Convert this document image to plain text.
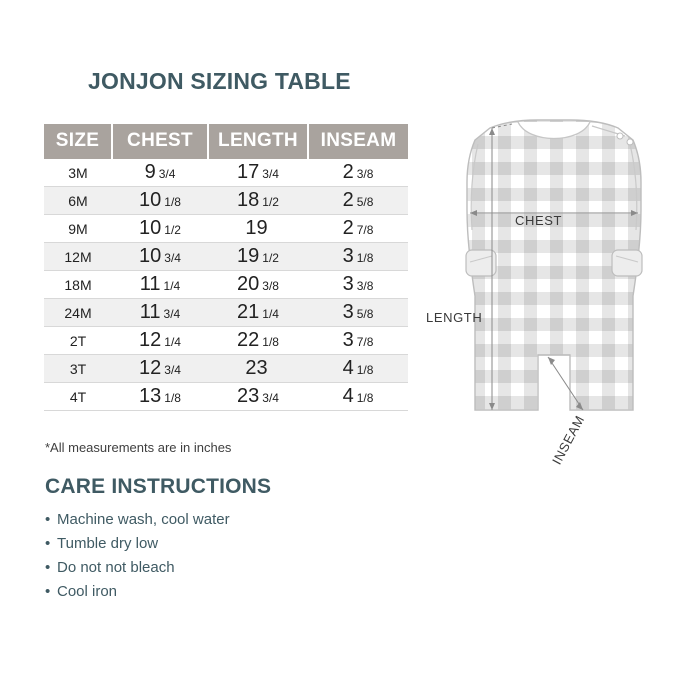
JONJON SIZING TABLE
SIZE	CHEST	LENGTH	INSEAM
3M	9 3/4	17 3/4	2 3/8
6M	10 1/8	18 1/2	2 5/8
9M	10 1/2	19	2 7/8
12M	10 3/4	19 1/2	3 1/8
18M	11 1/4	20 3/8	3 3/8
24M	11 3/4	21 1/4	3 5/8
2T	12 1/4	22 1/8	3 7/8
3T	12 3/4	23	4 1/8
4T	13 1/8	23 3/4	4 1/8
*All measurements are in inches
CARE INSTRUCTIONS
• Machine wash, cool water
• Tumble dry low
• Do not not bleach
• Cool iron
CHEST
LENGTH
INSEAM
